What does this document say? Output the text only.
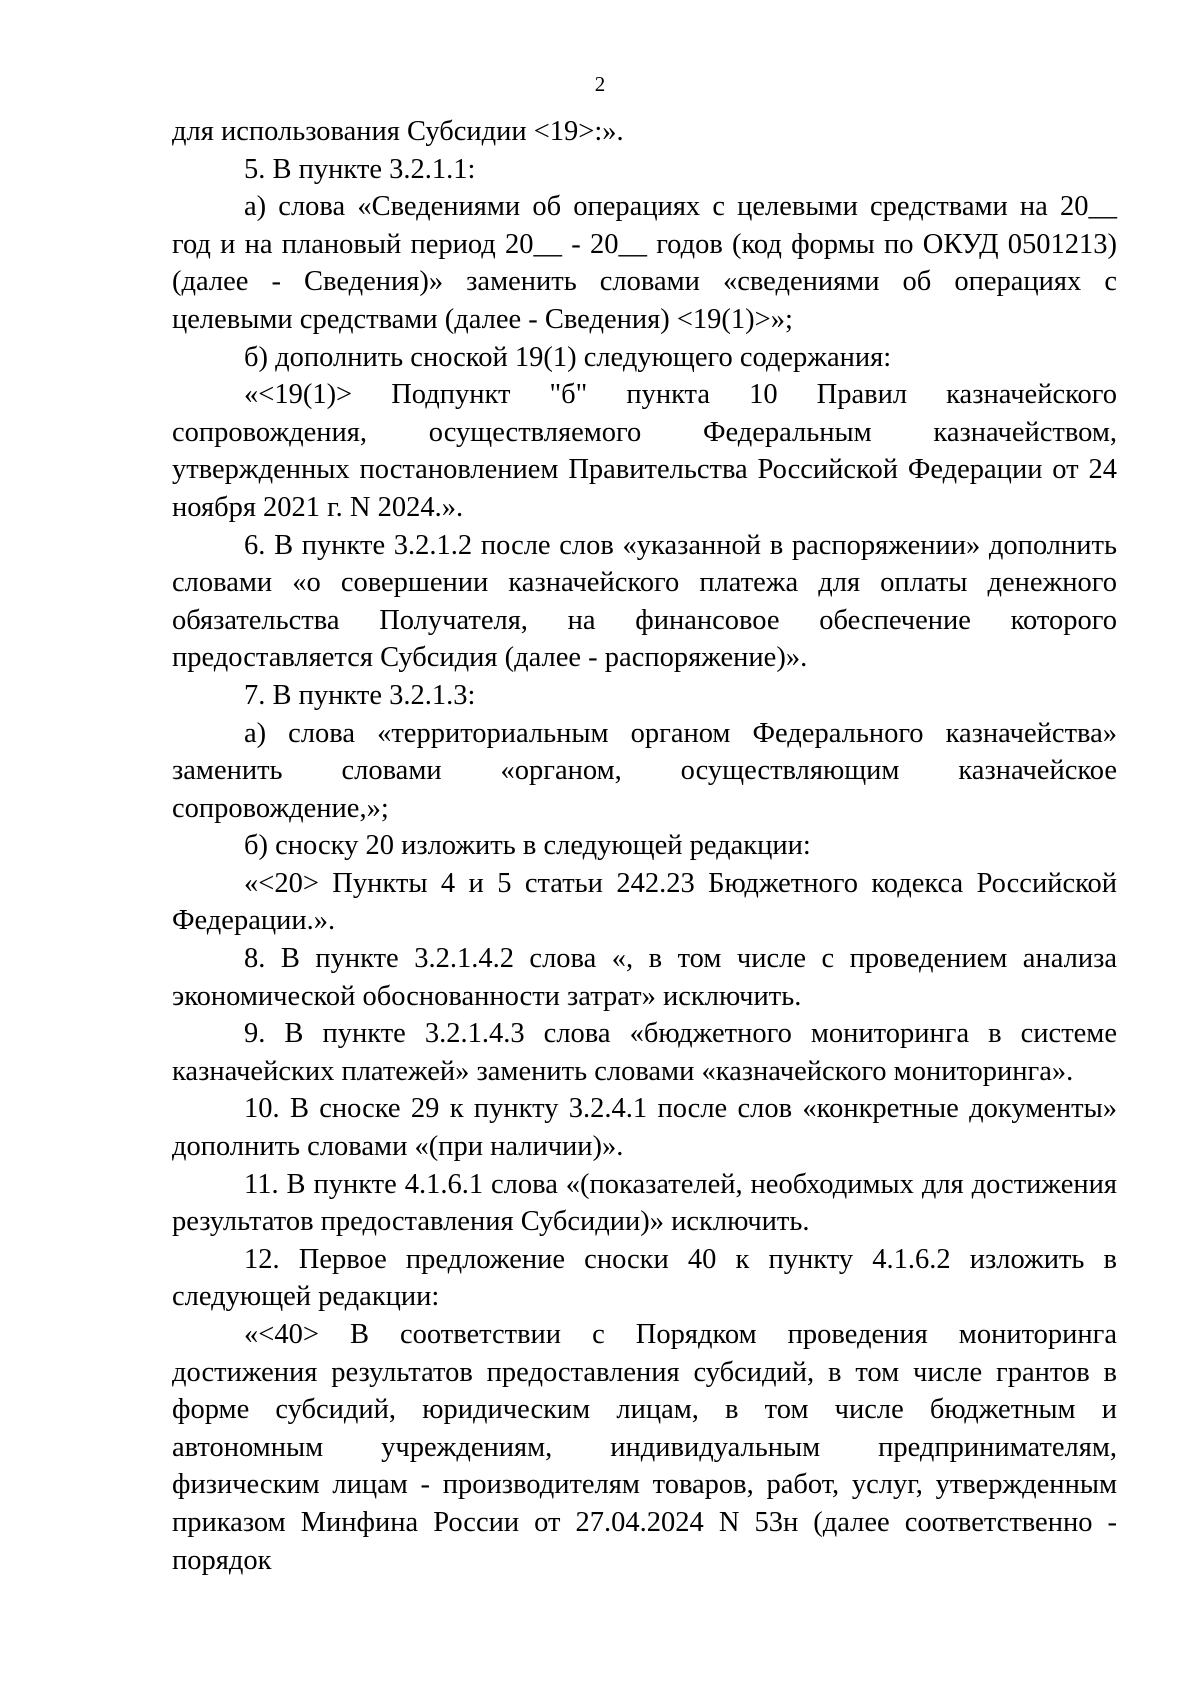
2

для использования Субсидии <19>:».

5. В пункте 3.2.1.1:

а) слова «Сведениями об операциях с целевыми средствами на 20__ год и на плановый период 20__ - 20__ годов (код формы по ОКУД 0501213) (далее - Сведения)» заменить словами «сведениями об операциях с целевыми средствами (далее - Сведения) <19(1)>»;

б) дополнить сноской 19(1) следующего содержания:

«<19(1)> Подпункт "б" пункта 10 Правил казначейского сопровождения, осуществляемого Федеральным казначейством, утвержденных постановлением Правительства Российской Федерации от 24 ноября 2021 г. N 2024.».

6. В пункте 3.2.1.2 после слов «указанной в распоряжении» дополнить словами «о совершении казначейского платежа для оплаты денежного обязательства Получателя, на финансовое обеспечение которого предоставляется Субсидия (далее - распоряжение)».

7. В пункте 3.2.1.3:

а) слова «территориальным органом Федерального казначейства» заменить словами «органом, осуществляющим казначейское сопровождение,»;

б) сноску 20 изложить в следующей редакции:

«<20> Пункты 4 и 5 статьи 242.23 Бюджетного кодекса Российской Федерации.».

8. В пункте 3.2.1.4.2 слова «, в том числе с проведением анализа экономической обоснованности затрат» исключить.

9. В пункте 3.2.1.4.3 слова «бюджетного мониторинга в системе казначейских платежей» заменить словами «казначейского мониторинга».

10. В сноске 29 к пункту 3.2.4.1 после слов «конкретные документы» дополнить словами «(при наличии)».

11. В пункте 4.1.6.1 слова «(показателей, необходимых для достижения результатов предоставления Субсидии)» исключить.

12. Первое предложение сноски 40 к пункту 4.1.6.2 изложить в следующей редакции:

«<40> В соответствии с Порядком проведения мониторинга достижения результатов предоставления субсидий, в том числе грантов в форме субсидий, юридическим лицам, в том числе бюджетным и автономным учреждениям, индивидуальным предпринимателям, физическим лицам - производителям товаров, работ, услуг, утвержденным приказом Минфина России от 27.04.2024 N 53н (далее соответственно - порядок
